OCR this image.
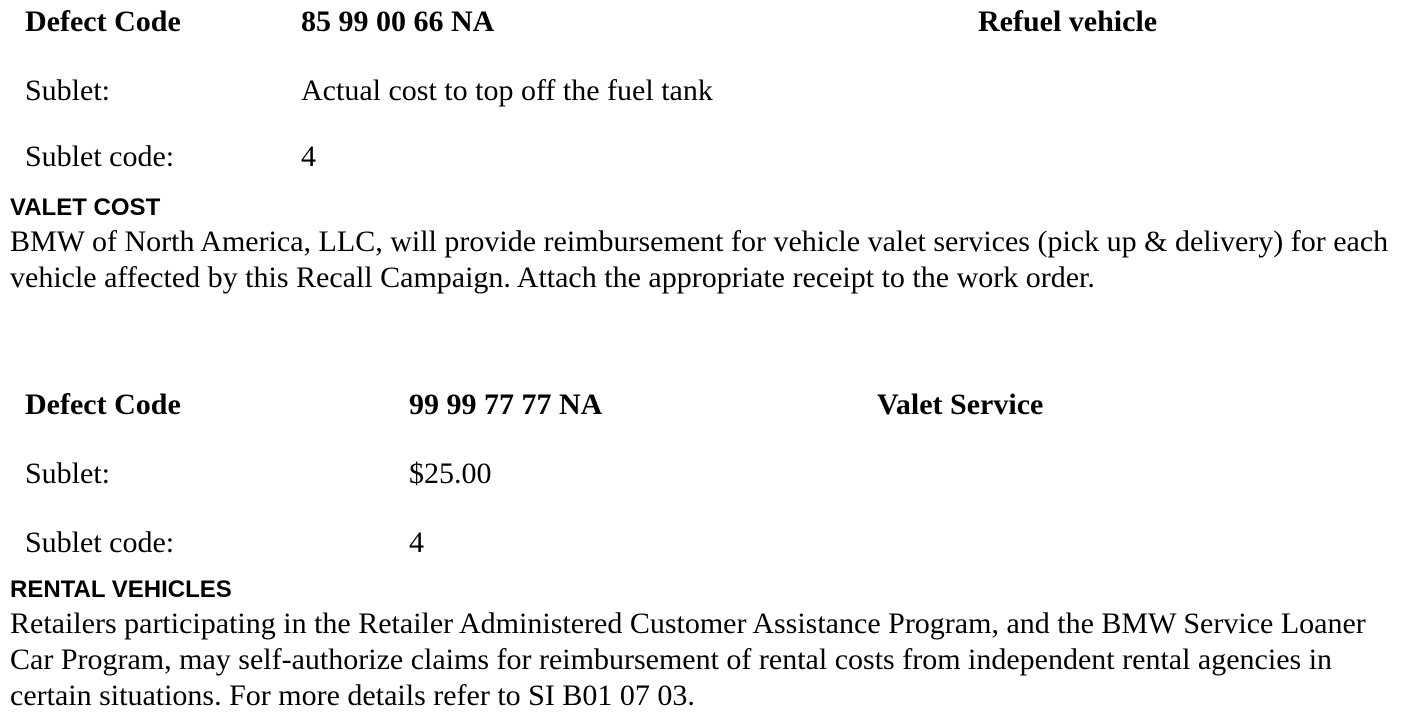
Defect Code	85 99 00 66 NA	Refuel vehicle
Sublet:	Actual cost to top off the fuel tank
Sublet code:	4
VALET COST
BMW of North America, LLC, will provide reimbursement for vehicle valet services (pick up & delivery) for each vehicle affected by this Recall Campaign. Attach the appropriate receipt to the work order.
Defect Code	99 99 77 77 NA	Valet Service
Sublet:	$25.00
Sublet code:	4
RENTAL VEHICLES
Retailers participating in the Retailer Administered Customer Assistance Program, and the BMW Service Loaner Car Program, may self-authorize claims for reimbursement of rental costs from independent rental agencies in certain situations. For more details refer to SI B01 07 03.
